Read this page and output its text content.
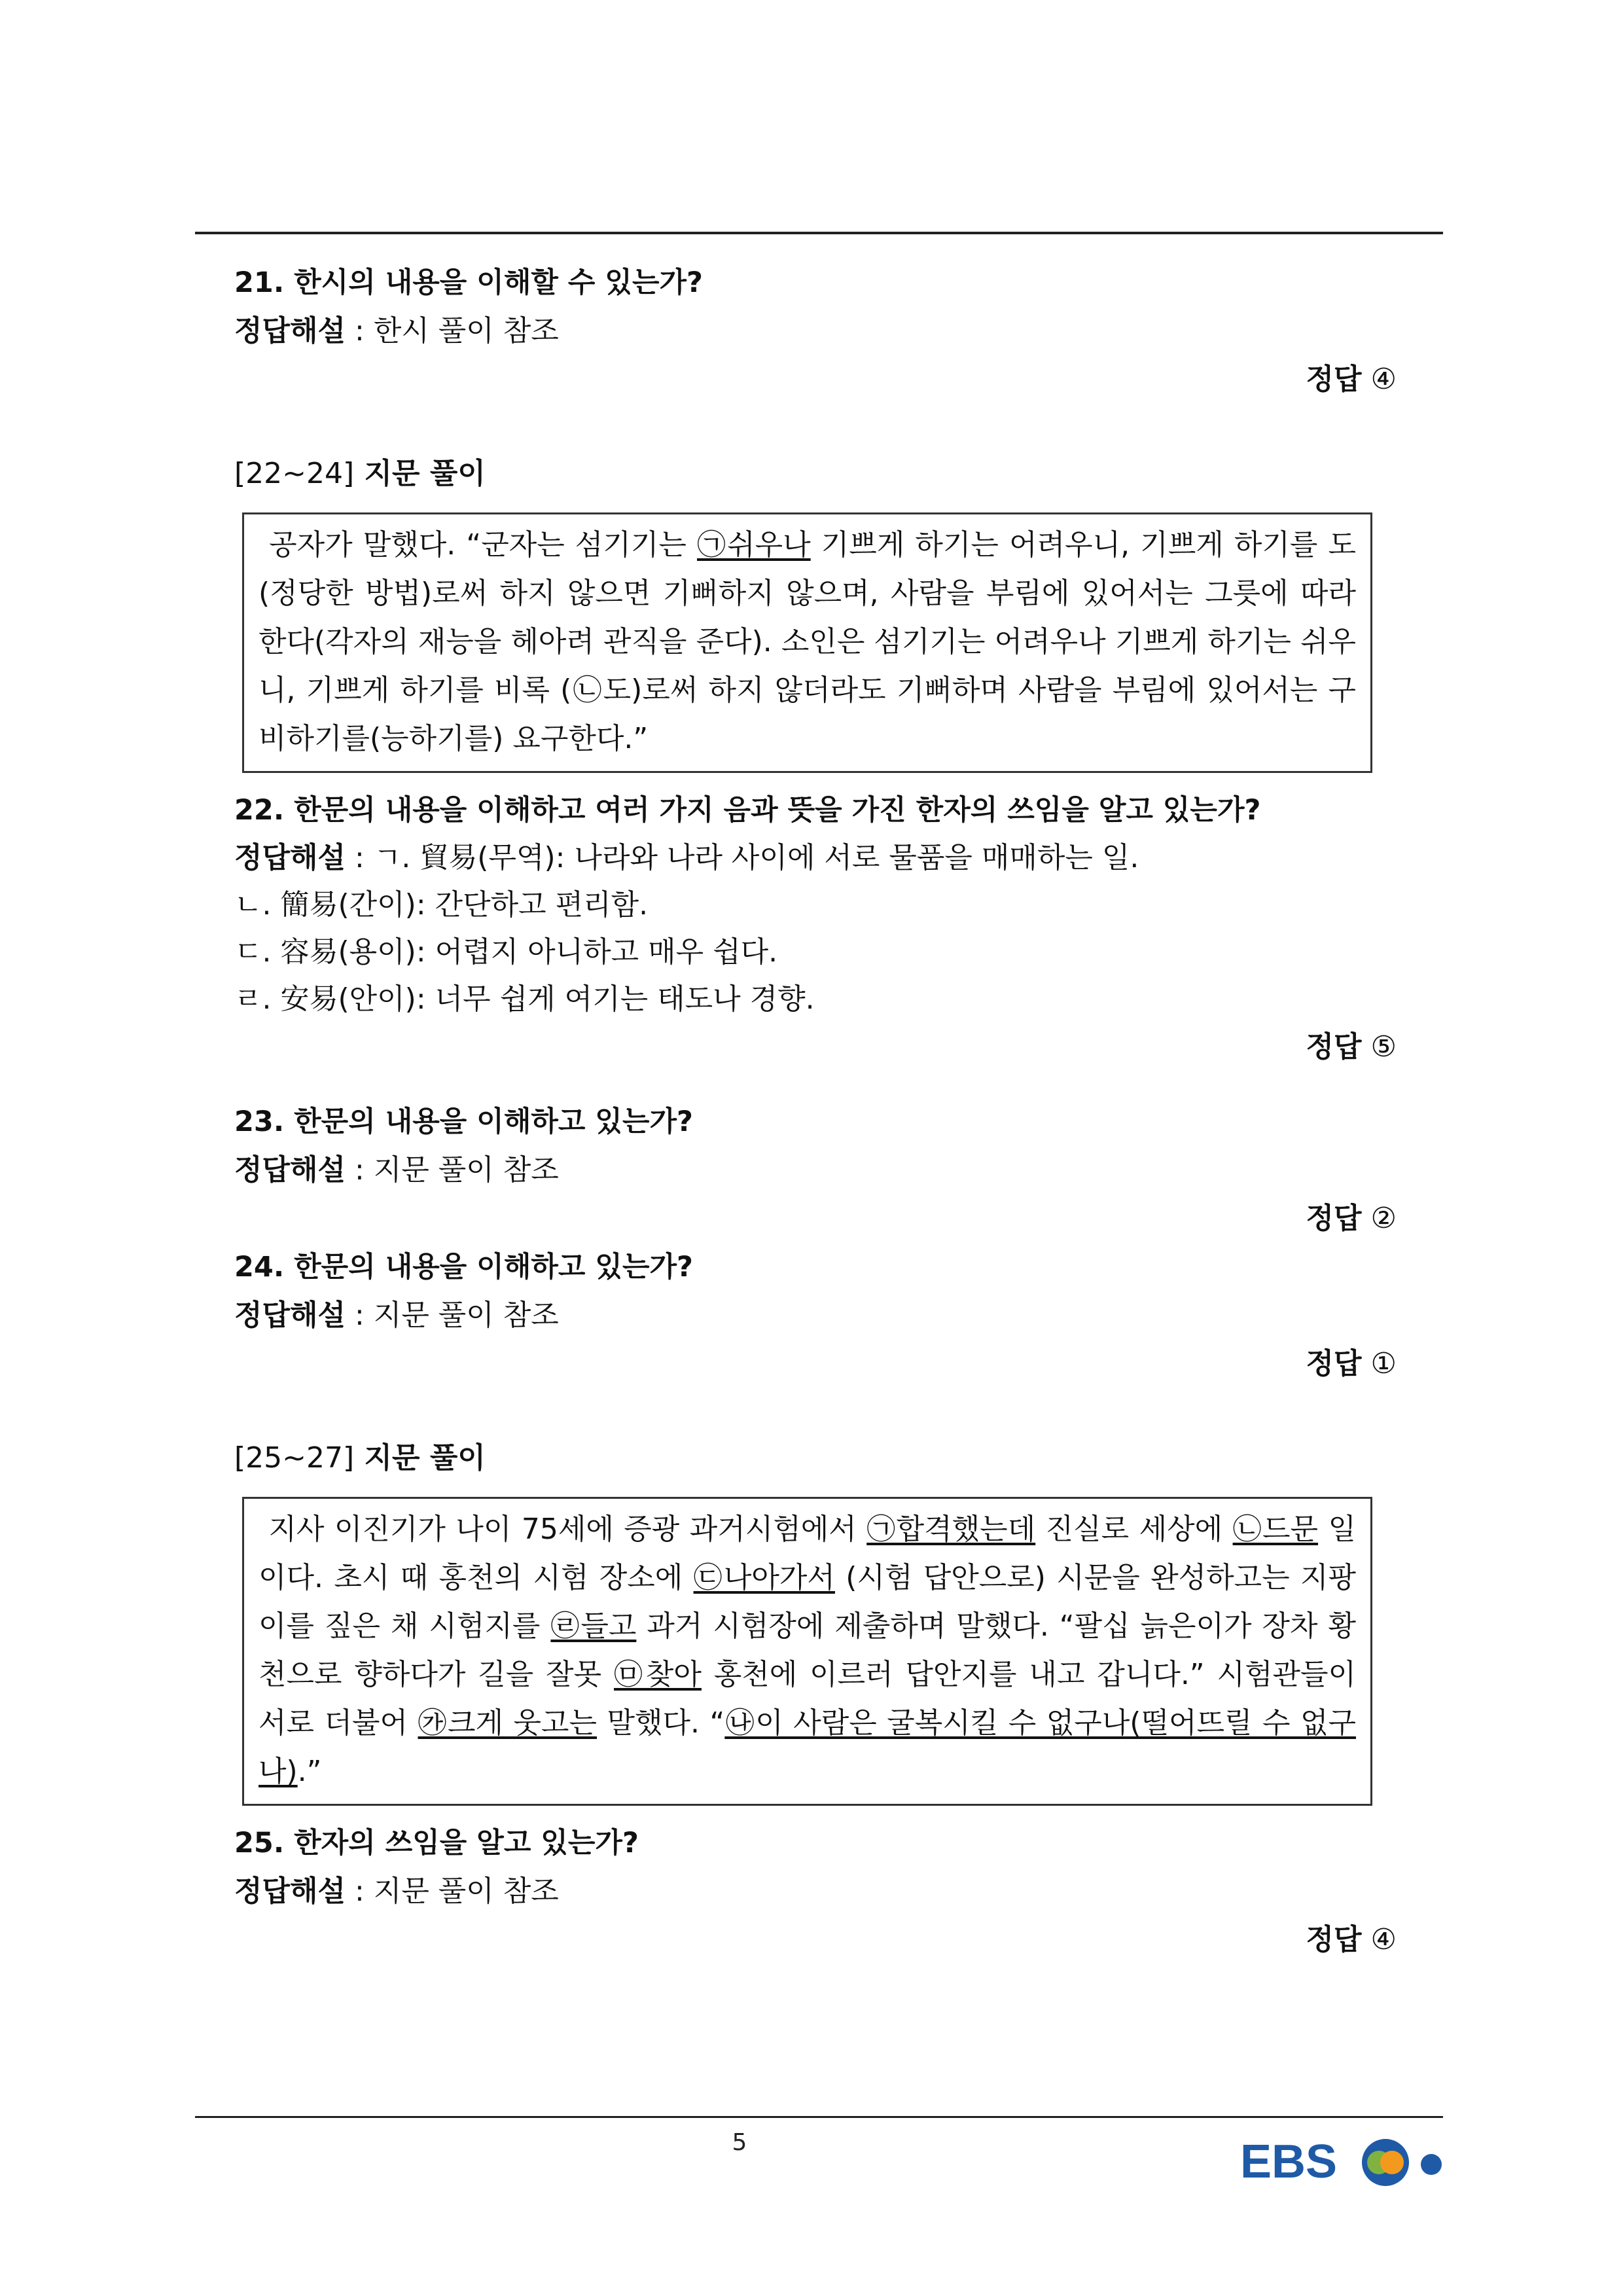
21. 한시의 내용을 이해할 수 있는가?

정답해설 : 한시 풀이 참조

정답 ④

[22~24] 지문 풀이

공자가 말했다. “군자는 섬기기는 ㉠쉬우나 기쁘게 하기는 어려우니, 기쁘게 하기를 도(정당한 방법)로써 하지 않으면 기뻐하지 않으며, 사람을 부림에 있어서는 그릇에 따라 한다(각자의 재능을 헤아려 관직을 준다). 소인은 섬기기는 어려우나 기쁘게 하기는 쉬우니, 기쁘게 하기를 비록 (㉡도)로써 하지 않더라도 기뻐하며 사람을 부림에 있어서는 구비하기를(능하기를) 요구한다.”

22. 한문의 내용을 이해하고 여러 가지 음과 뜻을 가진 한자의 쓰임을 알고 있는가?

정답해설 : ㄱ. 貿易(무역): 나라와 나라 사이에 서로 물품을 매매하는 일.

ㄴ. 簡易(간이): 간단하고 편리함.

ㄷ. 容易(용이): 어렵지 아니하고 매우 쉽다.

ㄹ. 安易(안이): 너무 쉽게 여기는 태도나 경향.

정답 ⑤

23. 한문의 내용을 이해하고 있는가?

정답해설 : 지문 풀이 참조

정답 ②

24. 한문의 내용을 이해하고 있는가?

정답해설 : 지문 풀이 참조

정답 ①

[25~27] 지문 풀이

지사 이진기가 나이 75세에 증광 과거시험에서 ㉠합격했는데 진실로 세상에 ㉡드문 일이다. 초시 때 홍천의 시험 장소에 ㉢나아가서 (시험 답안으로) 시문을 완성하고는 지팡이를 짚은 채 시험지를 ㉣들고 과거 시험장에 제출하며 말했다. “팔십 늙은이가 장차 황천으로 향하다가 길을 잘못 ㉤찾아 홍천에 이르러 답안지를 내고 갑니다.” 시험관들이 서로 더불어 ㉮크게 웃고는 말했다. “㉯이 사람은 굴복시킬 수 없구나(떨어뜨릴 수 없구나).”

25. 한자의 쓰임을 알고 있는가?

정답해설 : 지문 풀이 참조

정답 ④

5	EBS
